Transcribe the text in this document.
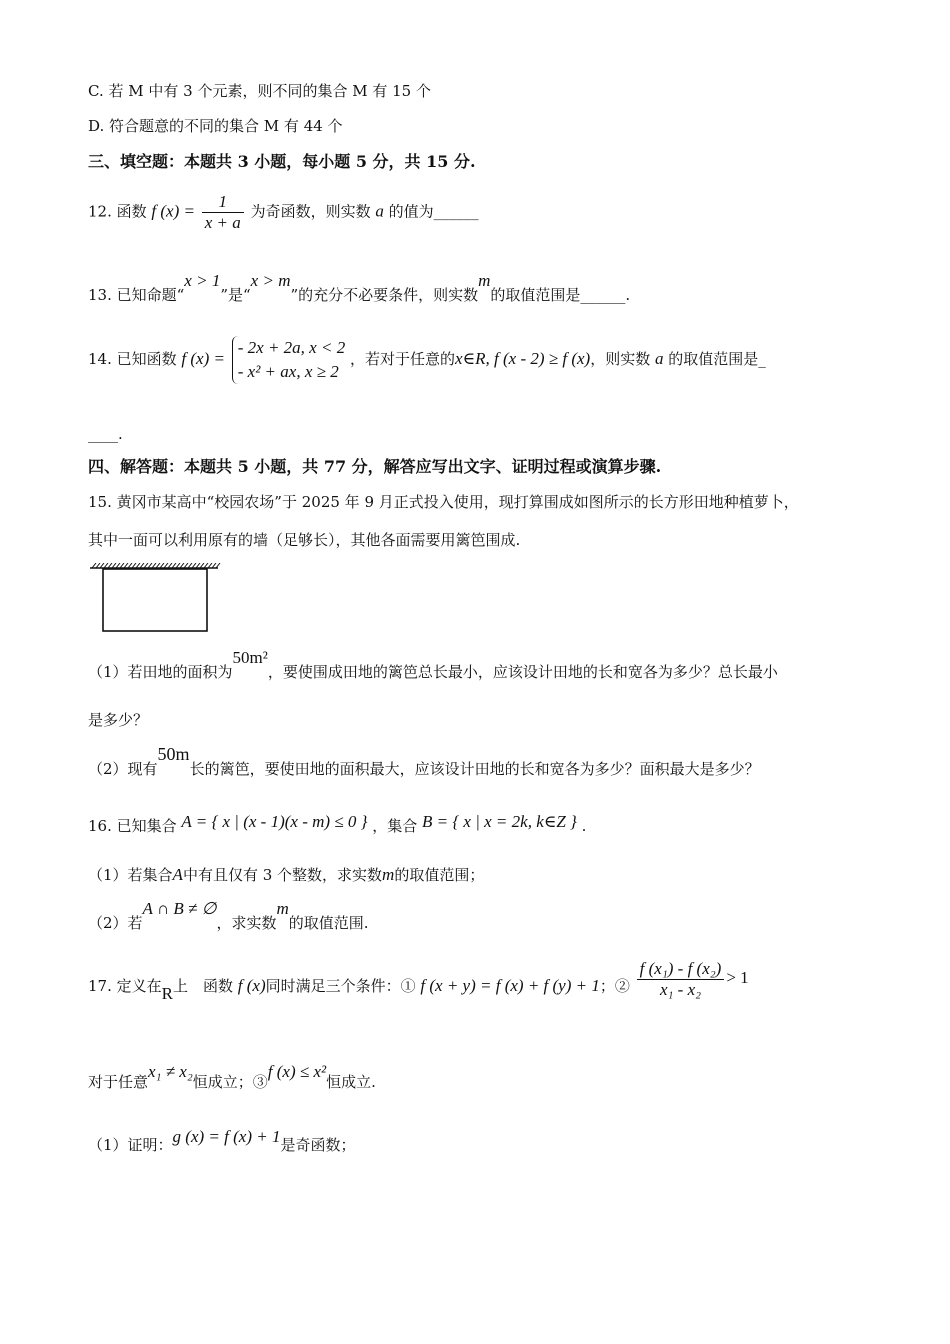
C. 若 M 中有 3 个元素，则不同的集合 M 有 15 个
D. 符合题意的不同的集合 M 有 44 个
三、填空题：本题共 3 小题，每小题 5 分，共 15 分.
12. 函数 f $(x) = \frac{1}{x + a}$ 为奇函数，则实数 a 的值为______
13. 已知命题“x > 1”是“x > m”的充分不必要条件，则实数m的取值范围是______.
14. 已知函数 f (x) =
- 2x + 2a, x < 2
- x² + ax, x ≥ 2
，若对于任意的x∈R, f (x - 2) ≥ f (x)，则实数 a 的取值范围是_
____.
四、解答题：本题共 5 小题，共 77 分，解答应写出文字、证明过程或演算步骤.
15. 黄冈市某高中“校园农场”于 2025 年 9 月正式投入使用，现打算围成如图所示的长方形田地种植萝卜，
其中一面可以利用原有的墙（足够长），其他各面需要用篱笆围成.
（1）若田地的面积为50m²，要使围成田地的篱笆总长最小，应该设计田地的长和宽各为多少？总长最小
是多少？
（2）现有50m长的篱笆，要使田地的面积最大，应该设计田地的长和宽各为多少？面积最大是多少？
16. 已知集合 A = { x | (x - 1)(x - m) ≤ 0 } ，集合 B = { x | x = 2k, k∈Z } .
（1）若集合A中有且仅有 3 个整数，求实数m的取值范围；
（2）若A ∩ B ≠ ∅，求实数m的取值范围.
17. 定义在R上　函数 f (x)同时满足三个条件：① f (x + y) = f (x) + f (y) + 1；② $\frac{\text{f (x₁) - f (x₂)}}{\text{x₁ - x₂}} > 1$
对于任意x₁ ≠ x₂恒成立；③f (x) ≤ x²恒成立.
（1）证明：g (x) = f (x) + 1是奇函数；
